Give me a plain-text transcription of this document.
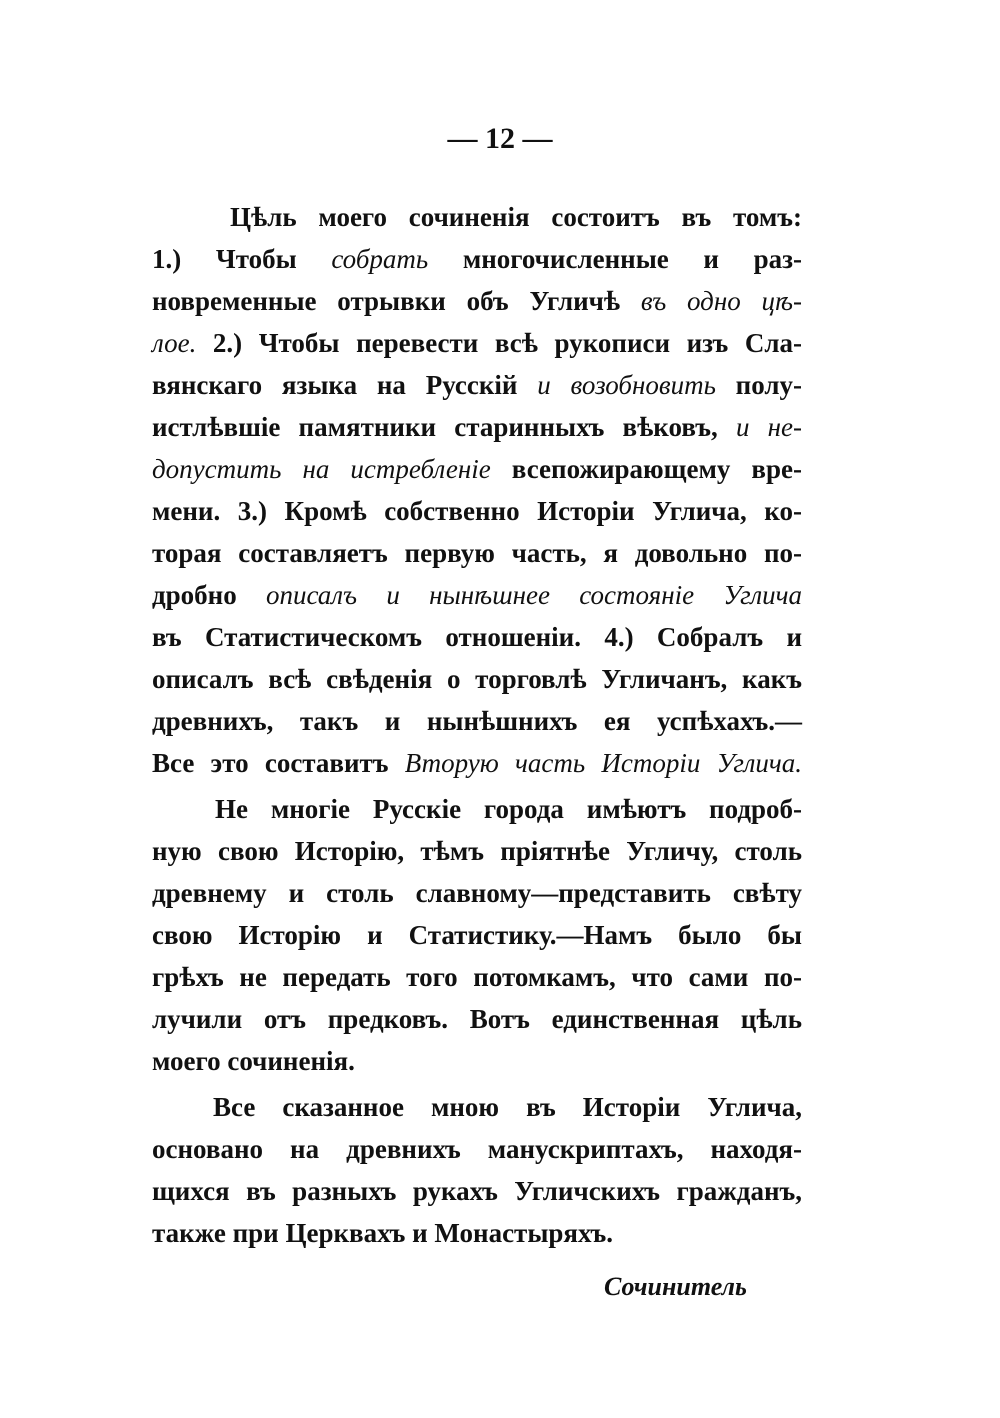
— 12 —
Цѣль моего сочиненія состоитъ въ томъ:
1.) Чтобы собрать многочисленные и раз-
новременные отрывки объ Угличѣ въ одно цѣ-
лое. 2.) Чтобы перевести всѣ рукописи изъ Сла-
вянскаго языка на Русскій и возобновить полу-
истлѣвшіе памятники старинныхъ вѣковъ, и не-
допустить на истребленіе всепожирающему вре-
мени. 3.) Кромѣ собственно Исторіи Углича, ко-
торая составляетъ первую часть, я довольно по-
дробно описалъ и нынѣшнее состояніе Углича
въ Статистическомъ отношеніи. 4.) Собралъ и
описалъ всѣ свѣденія о торговлѣ Угличанъ, какъ
древнихъ, такъ и нынѣшнихъ ея успѣхахъ.—
Все это составитъ Вторую часть Исторіи Углича.
Не многіе Русскіе города имѣютъ подроб-
ную свою Исторію, тѣмъ пріятнѣе Угличу, столь
древнему и столь славному—представить свѣту
свою Исторію и Статистику.—Намъ было бы
грѣхъ не передать того потомкамъ, что сами по-
лучили отъ предковъ. Вотъ единственная цѣль
моего сочиненія.
Все сказанное мною въ Исторіи Углича,
основано на древнихъ манускриптахъ, находя-
щихся въ разныхъ рукахъ Угличскихъ гражданъ,
также при Церквахъ и Монастыряхъ.
Сочинитель
